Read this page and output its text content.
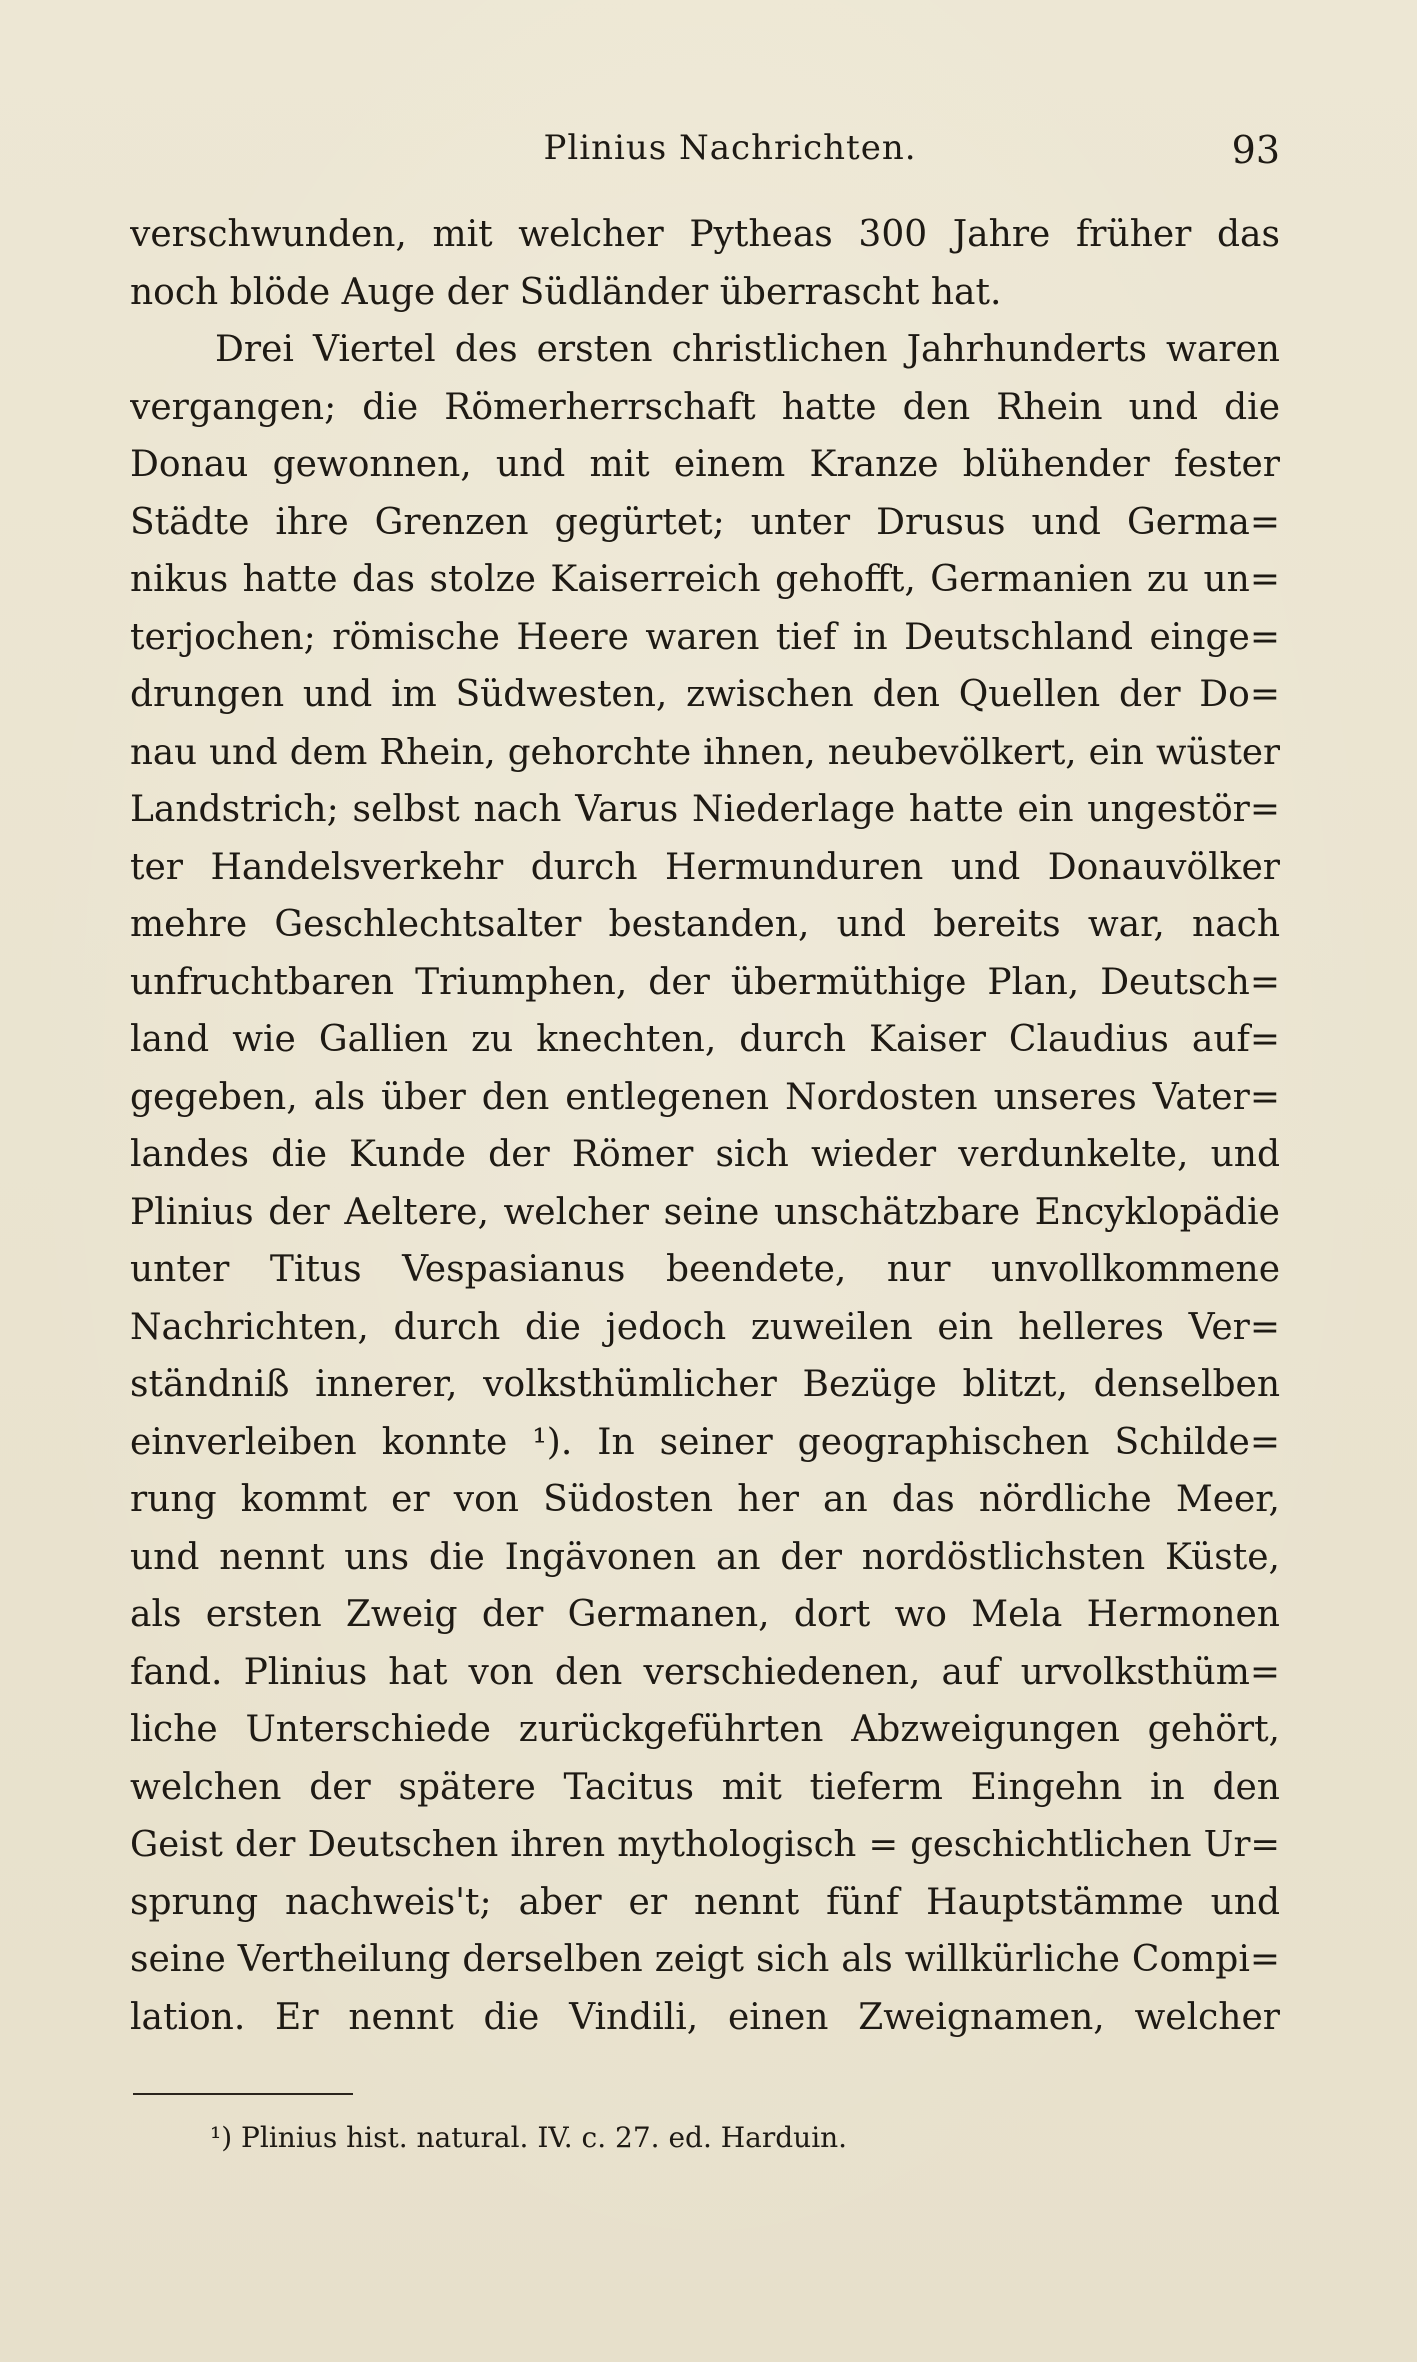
Plinius Nachrichten.	93
verschwunden, mit welcher Pytheas 300 Jahre früher das
noch blöde Auge der Südländer überrascht hat.
Drei Viertel des ersten christlichen Jahrhunderts waren
vergangen; die Römerherrschaft hatte den Rhein und die
Donau gewonnen, und mit einem Kranze blühender fester
Städte ihre Grenzen gegürtet; unter Drusus und Germa=
nikus hatte das stolze Kaiserreich gehofft, Germanien zu un=
terjochen; römische Heere waren tief in Deutschland einge=
drungen und im Südwesten, zwischen den Quellen der Do=
nau und dem Rhein, gehorchte ihnen, neubevölkert, ein wüster
Landstrich; selbst nach Varus Niederlage hatte ein ungestör=
ter Handelsverkehr durch Hermunduren und Donauvölker
mehre Geschlechtsalter bestanden, und bereits war, nach
unfruchtbaren Triumphen, der übermüthige Plan, Deutsch=
land wie Gallien zu knechten, durch Kaiser Claudius auf=
gegeben, als über den entlegenen Nordosten unseres Vater=
landes die Kunde der Römer sich wieder verdunkelte, und
Plinius der Aeltere, welcher seine unschätzbare Encyklopädie
unter Titus Vespasianus beendete, nur unvollkommene
Nachrichten, durch die jedoch zuweilen ein helleres Ver=
ständniß innerer, volksthümlicher Bezüge blitzt, denselben
einverleiben konnte ¹). In seiner geographischen Schilde=
rung kommt er von Südosten her an das nördliche Meer,
und nennt uns die Ingävonen an der nordöstlichsten Küste,
als ersten Zweig der Germanen, dort wo Mela Hermonen
fand. Plinius hat von den verschiedenen, auf urvolksthüm=
liche Unterschiede zurückgeführten Abzweigungen gehört,
welchen der spätere Tacitus mit tieferm Eingehn in den
Geist der Deutschen ihren mythologisch = geschichtlichen Ur=
sprung nachweis't; aber er nennt fünf Hauptstämme und
seine Vertheilung derselben zeigt sich als willkürliche Compi=
lation. Er nennt die Vindili, einen Zweignamen, welcher
¹) Plinius hist. natural. IV. c. 27. ed. Harduin.
